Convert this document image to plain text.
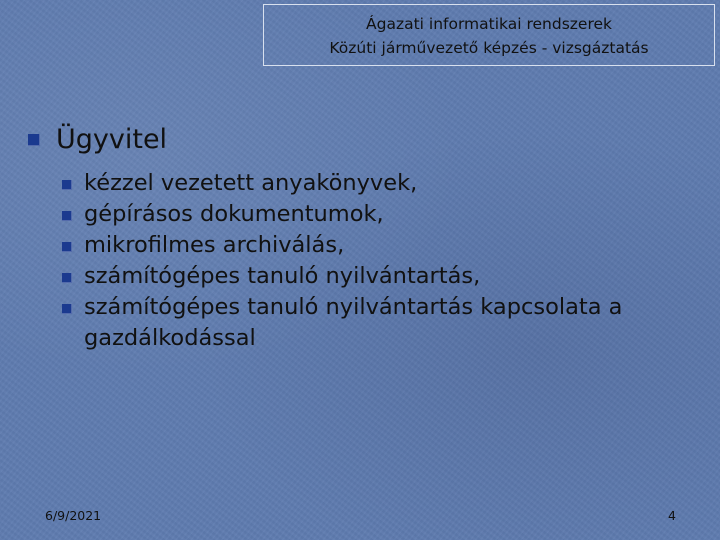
Ágazati informatikai rendszerek
Közúti járművezető képzés - vizsgáztatás
Ügyvitel
kézzel vezetett anyakönyvek,
gépírásos dokumentumok,
mikrofilmes archiválás,
számítógépes tanuló nyilvántartás,
számítógépes tanuló nyilvántartás kapcsolata a gazdálkodással
6/9/2021	4
